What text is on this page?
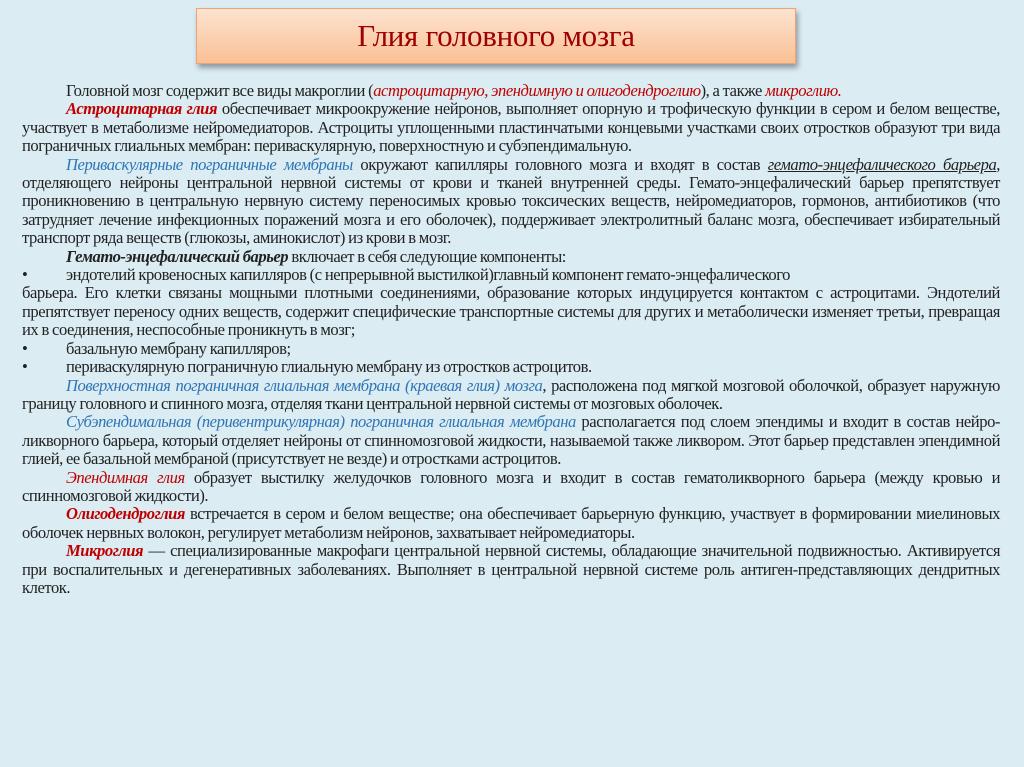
Глия головного мозга

Головной мозг содержит все виды макроглии (астроцитарную, эпендимную и олигодендроглию), а также микроглию.

Астроцитарная глия обеспечивает микроокружение нейронов, выполняет опорную и трофическую функции в сером и белом веществе, участвует в метаболизме нейромедиаторов. Астроциты уплощенными пластинчатыми концевыми участками своих отростков образуют три вида пограничных глиальных мембран: периваскулярную, поверхностную и субэпендимальную.

Периваскулярные пограничные мембраны окружают капилляры головного мозга и входят в состав гемато-энцефалического барьера, отделяющего нейроны центральной нервной системы от крови и тканей внутренней среды. Гемато-энцефалический барьер препятствует проникновению в центральную нервную систему переносимых кровью токсических веществ, нейромедиаторов, гормонов, антибиотиков (что затрудняет лечение инфекционных поражений мозга и его оболочек), поддерживает электролитный баланс мозга, обеспечивает избирательный транспорт ряда веществ (глюкозы, аминокислот) из крови в мозг.

Гемато-энцефалический барьер включает в себя следующие компоненты:

•	эндотелий кровеносных капилляров (с непрерывной выстилкой)главный компонент гемато-энцефалического

барьера. Его клетки связаны мощными плотными соединениями, образование которых индуцируется контактом с астроцитами. Эндотелий препятствует переносу одних веществ, содержит специфические транспортные системы для других и метаболически изменяет третьи, превращая их в соединения, неспособные проникнуть в мозг;

•	базальную мембрану капилляров;

•	периваскулярную пограничную глиальную мембрану из отростков астроцитов.

Поверхностная пограничная глиальная мембрана (краевая глия) мозга, расположена под мягкой мозговой оболочкой, образует наружную границу головного и спинного мозга, отделяя ткани центральной нервной системы от мозговых оболочек.

Субэпендимальная (перивентрикулярная) пограничная глиальная мембрана располагается под слоем эпендимы и входит в состав нейро-ликворного барьера, который отделяет нейроны от спинномозговой жидкости, называемой также ликвором. Этот барьер представлен эпендимной глией, ее базальной мембраной (присутствует не везде) и отростками астроцитов.

Эпендимная глия образует выстилку желудочков головного мозга и входит в состав гематоликворного барьера (между кровью и спинномозговой жидкости).

Олигодендроглия встречается в сером и белом веществе; она обеспечивает барьерную функцию, участвует в формировании миелиновых оболочек нервных волокон, регулирует метаболизм нейронов, захватывает нейромедиаторы.

Микроглия — специализированные макрофаги центральной нервной системы, обладающие значительной подвижностью. Активируется при воспалительных и дегенеративных заболеваниях. Выполняет в центральной нервной системе роль антиген-представляющих дендритных клеток.
